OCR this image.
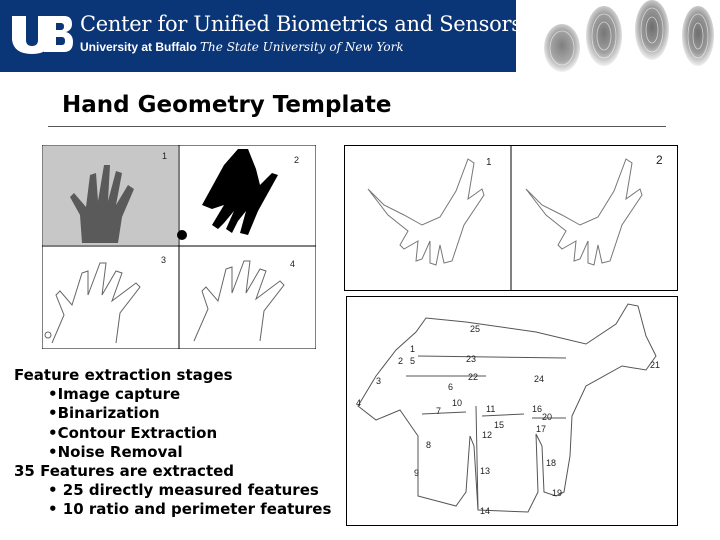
Center for Unified Biometrics and Sensors
University at Buffalo The State University of New York
Hand Geometry Template
1	2
3	4
1	2
1
2
3
4
5
6
7
8
9
10
11
12
13
14
15
16
17
18
19
20
21
22
23
24
25
Feature extraction stages
•Image capture
•Binarization
•Contour Extraction
•Noise Removal
35 Features are extracted
• 25 directly measured features
• 10 ratio and perimeter features
